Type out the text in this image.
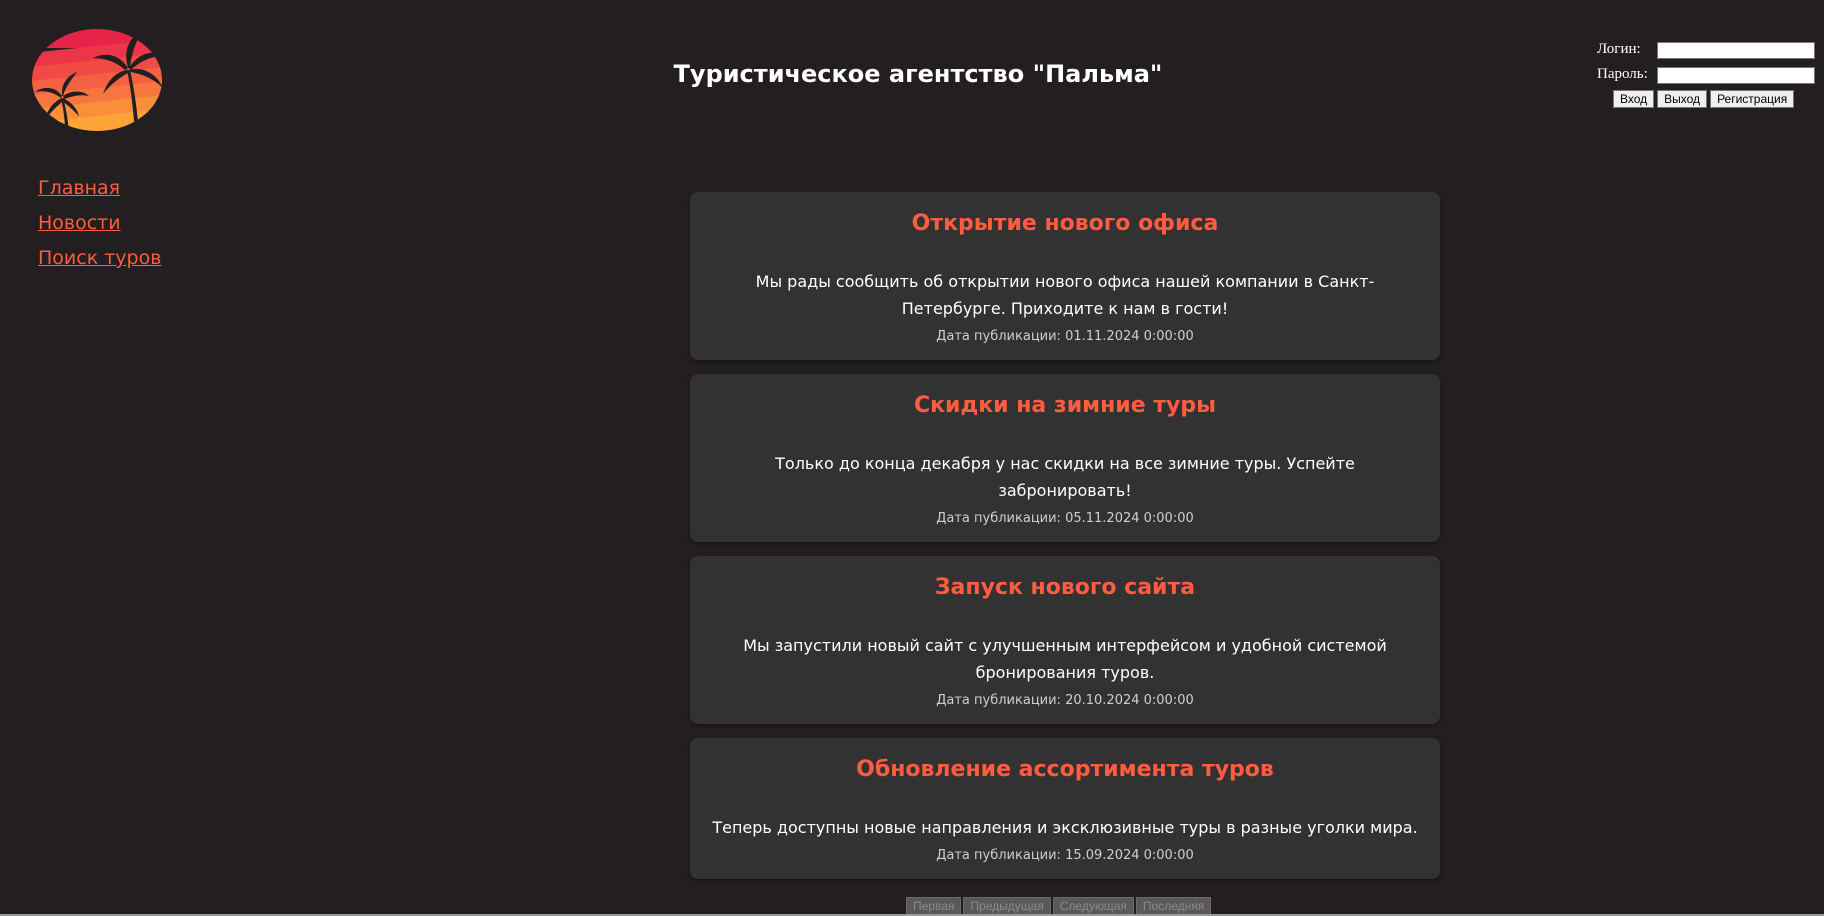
Туристическое агентство "Пальма"
Логин:
Пароль:
Вход Выход Регистрация
Главная
Новости
Поиск туров
Открытие нового офиса

Мы рады сообщить об открытии нового офиса нашей компании в Санкт-Петербурге. Приходите к нам в гости!

Дата публикации: 01.11.2024 0:00:00
Скидки на зимние туры

Только до конца декабря у нас скидки на все зимние туры. Успейте забронировать!

Дата публикации: 05.11.2024 0:00:00
Запуск нового сайта

Мы запустили новый сайт с улучшенным интерфейсом и удобной системой бронирования туров.

Дата публикации: 20.10.2024 0:00:00
Обновление ассортимента туров

Теперь доступны новые направления и эксклюзивные туры в разные уголки мира.

Дата публикации: 15.09.2024 0:00:00
Первая Предыдущая Следующая Последняя
